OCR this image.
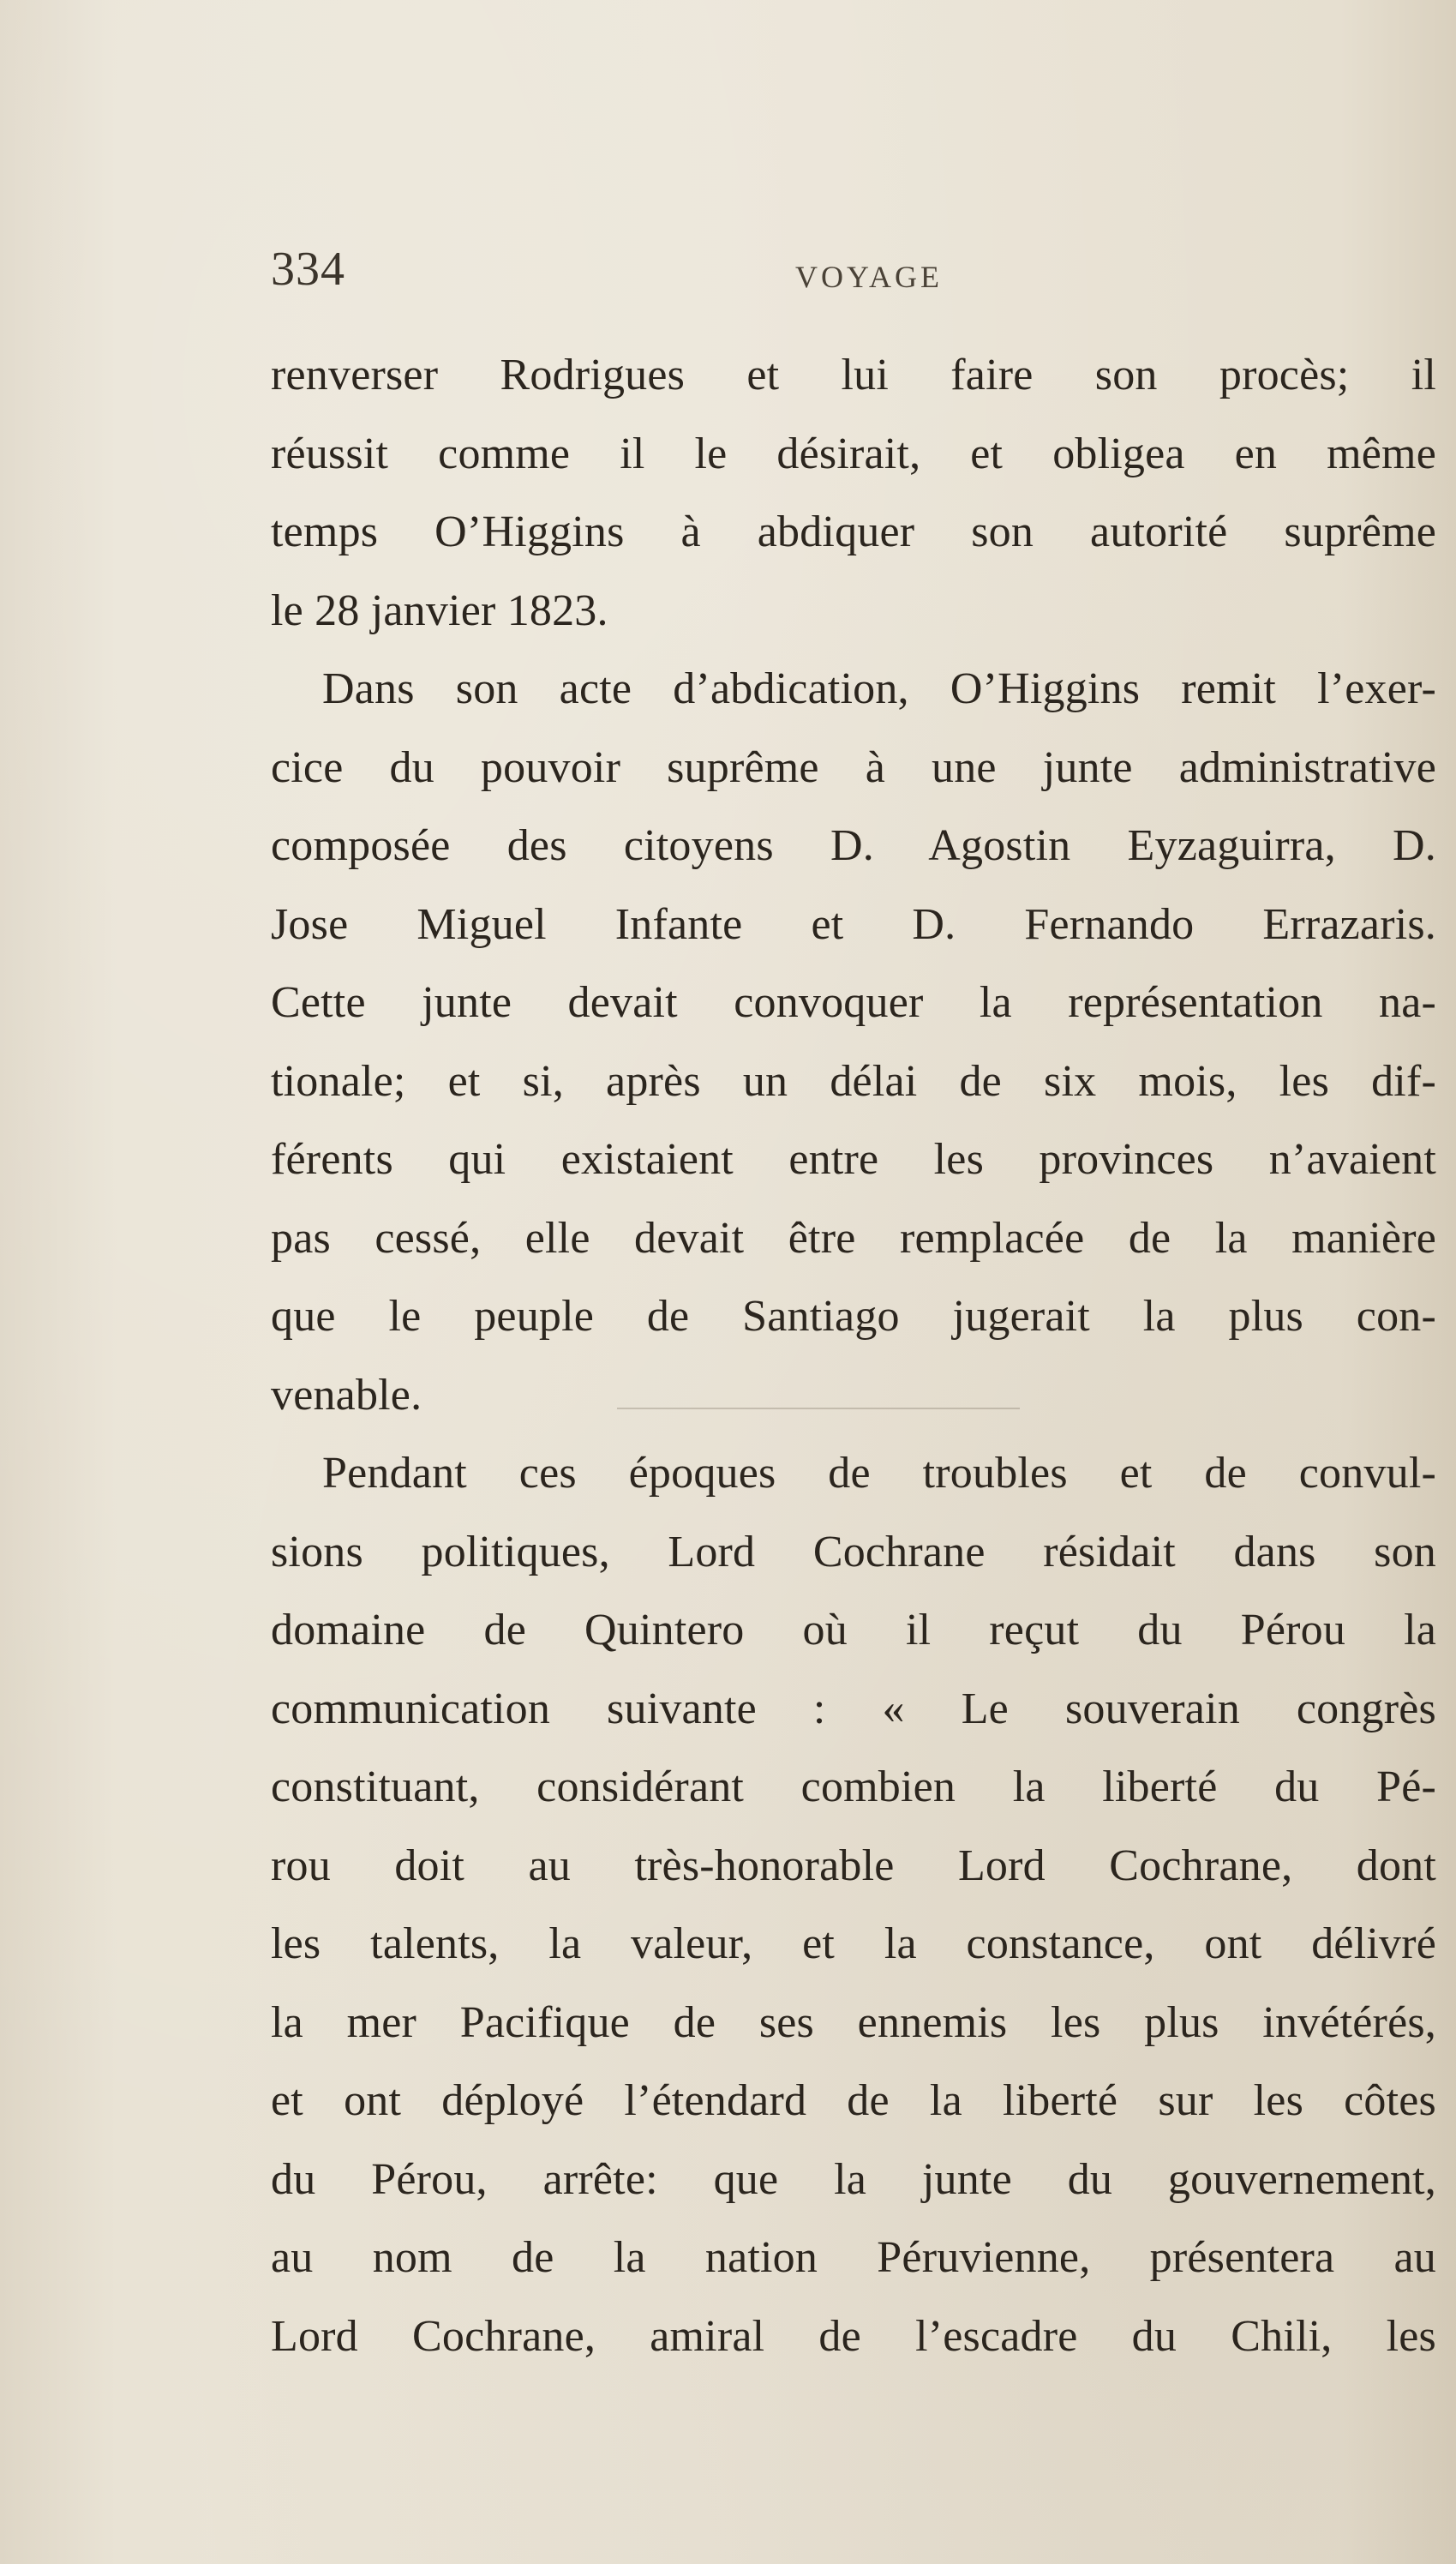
334	VOYAGE
renverser Rodrigues et lui faire son procès; il
réussit comme il le désirait, et obligea en même
temps O’Higgins à abdiquer son autorité suprême
le 28 janvier 1823.
Dans son acte d’abdication, O’Higgins remit l’exer-
cice du pouvoir suprême à une junte administrative
composée des citoyens D. Agostin Eyzaguirra, D.
Jose Miguel Infante et D. Fernando Errazaris.
Cette junte devait convoquer la représentation na-
tionale; et si, après un délai de six mois, les dif-
férents qui existaient entre les provinces n’avaient
pas cessé, elle devait être remplacée de la manière
que le peuple de Santiago jugerait la plus con-
venable.
Pendant ces époques de troubles et de convul-
sions politiques, Lord Cochrane résidait dans son
domaine de Quintero où il reçut du Pérou la
communication suivante : « Le souverain congrès
constituant, considérant combien la liberté du Pé-
rou doit au très-honorable Lord Cochrane, dont
les talents, la valeur, et la constance, ont délivré
la mer Pacifique de ses ennemis les plus invétérés,
et ont déployé l’étendard de la liberté sur les côtes
du Pérou, arrête: que la junte du gouvernement,
au nom de la nation Péruvienne, présentera au
Lord Cochrane, amiral de l’escadre du Chili, les
